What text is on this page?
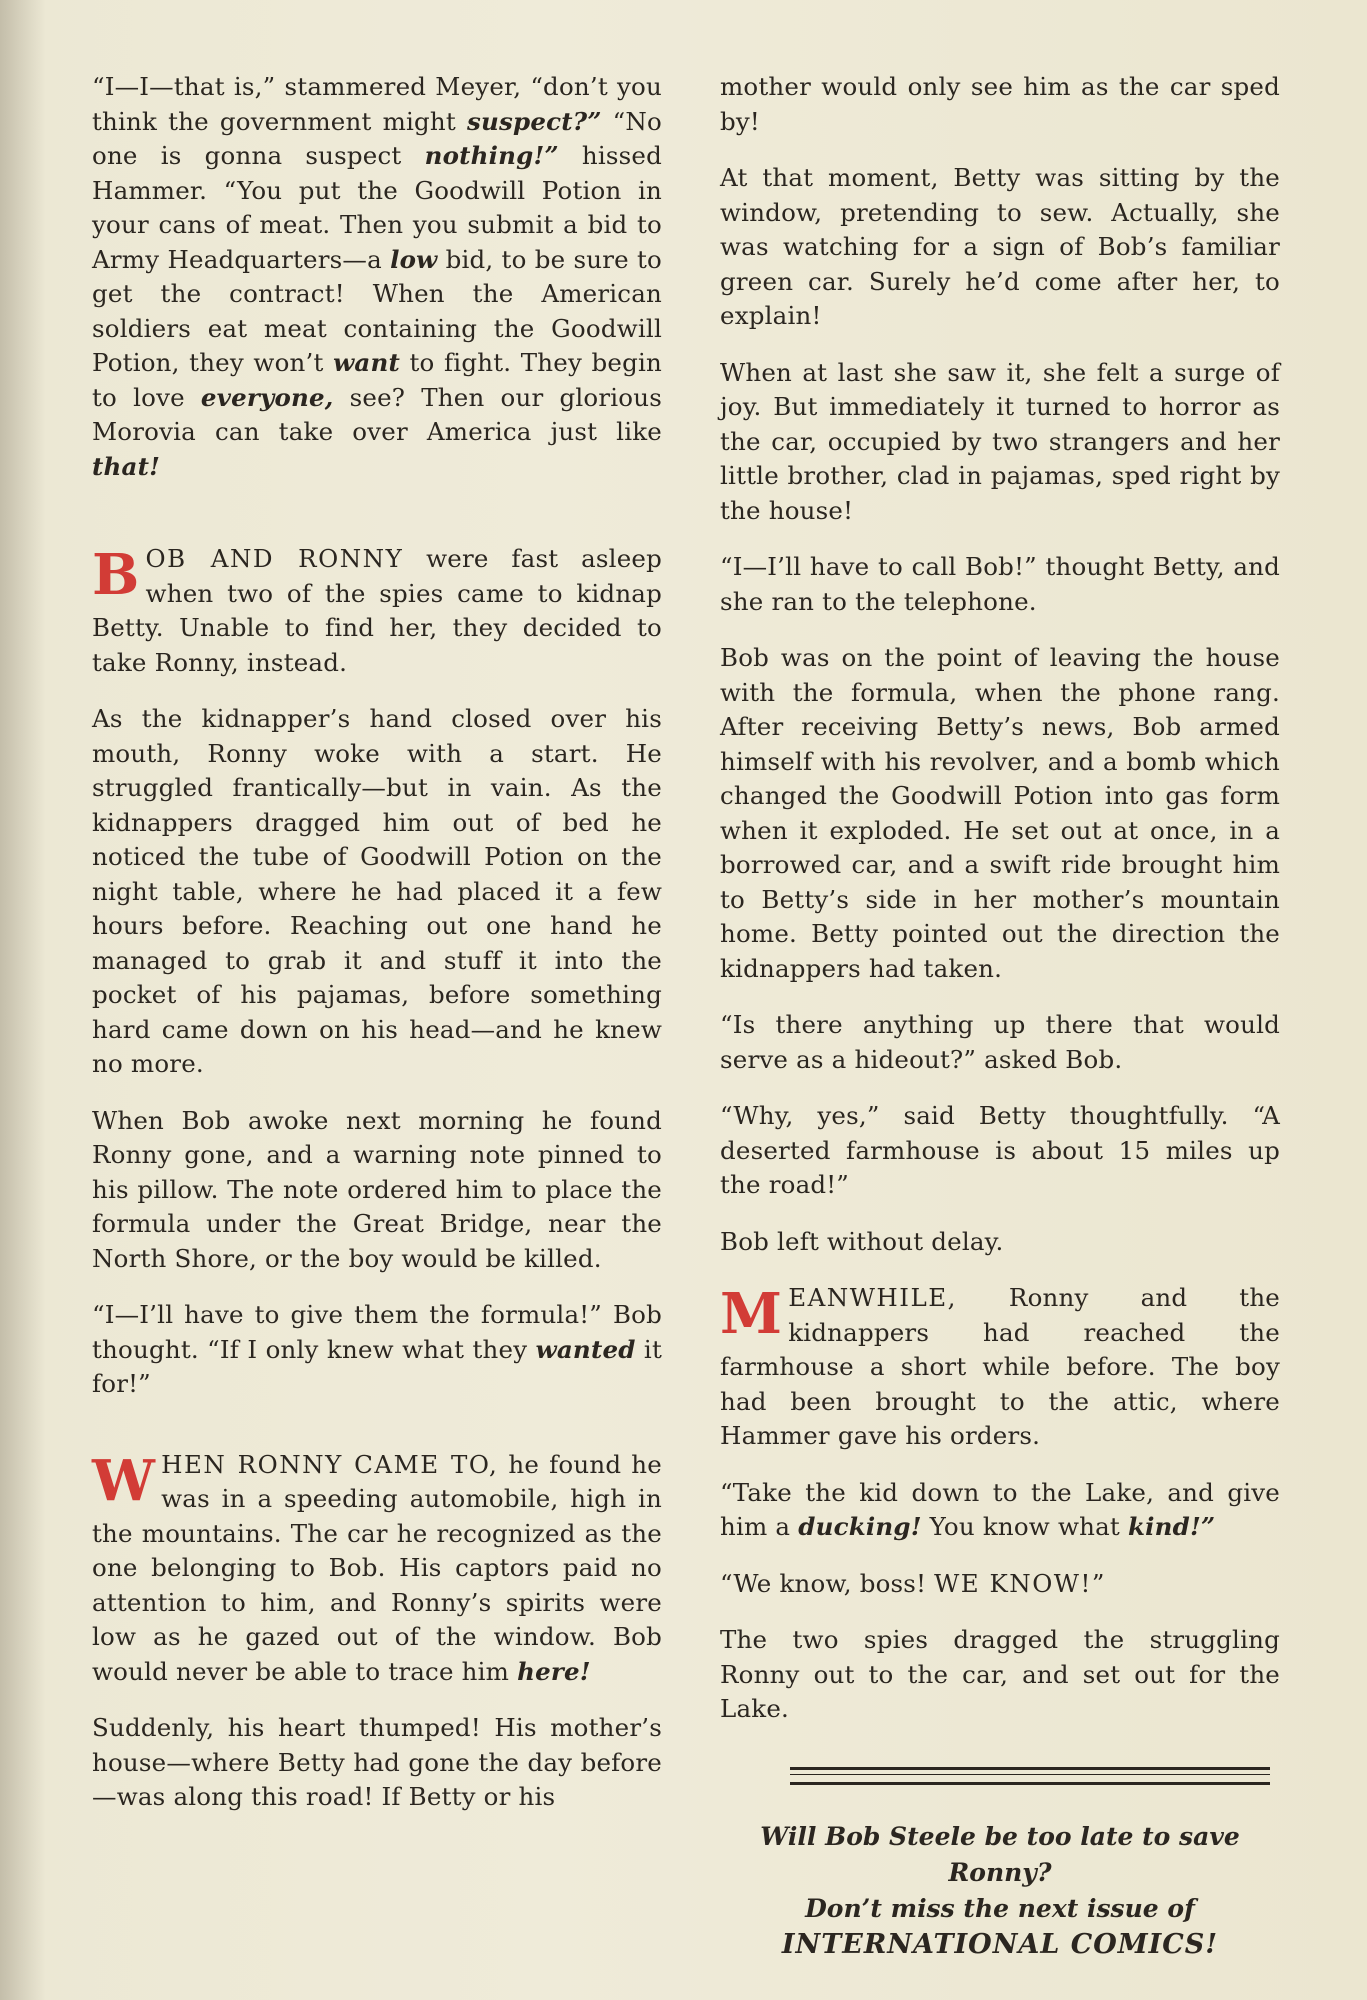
“I—I—that is,” stammered Meyer, “don’t you think the government might suspect?” “No one is gonna suspect nothing!” hissed Hammer. “You put the Goodwill Potion in your cans of meat. Then you submit a bid to Army Headquarters—a low bid, to be sure to get the contract! When the American soldiers eat meat containing the Goodwill Potion, they won’t want to fight. They begin to love everyone, see? Then our glorious Morovia can take over America just like that!

BOB AND RONNY were fast asleep when two of the spies came to kidnap Betty. Unable to find her, they decided to take Ronny, instead.

As the kidnapper’s hand closed over his mouth, Ronny woke with a start. He struggled frantically—but in vain. As the kidnappers dragged him out of bed he noticed the tube of Goodwill Potion on the night table, where he had placed it a few hours before. Reaching out one hand he managed to grab it and stuff it into the pocket of his pajamas, before something hard came down on his head—and he knew no more.

When Bob awoke next morning he found Ronny gone, and a warning note pinned to his pillow. The note ordered him to place the formula under the Great Bridge, near the North Shore, or the boy would be killed.

“I—I’ll have to give them the formula!” Bob thought. “If I only knew what they wanted it for!”

WHEN RONNY CAME TO, he found he was in a speeding automobile, high in the mountains. The car he recognized as the one belonging to Bob. His captors paid no attention to him, and Ronny’s spirits were low as he gazed out of the window. Bob would never be able to trace him here!

Suddenly, his heart thumped! His mother’s house—where Betty had gone the day before—was along this road! If Betty or his

mother would only see him as the car sped by!

At that moment, Betty was sitting by the window, pretending to sew. Actually, she was watching for a sign of Bob’s familiar green car. Surely he’d come after her, to explain!

When at last she saw it, she felt a surge of joy. But immediately it turned to horror as the car, occupied by two strangers and her little brother, clad in pajamas, sped right by the house!

“I—I’ll have to call Bob!” thought Betty, and she ran to the telephone.

Bob was on the point of leaving the house with the formula, when the phone rang. After receiving Betty’s news, Bob armed himself with his revolver, and a bomb which changed the Goodwill Potion into gas form when it exploded. He set out at once, in a borrowed car, and a swift ride brought him to Betty’s side in her mother’s mountain home. Betty pointed out the direction the kidnappers had taken.

“Is there anything up there that would serve as a hideout?” asked Bob.

“Why, yes,” said Betty thoughtfully. “A deserted farmhouse is about 15 miles up the road!”

Bob left without delay.

MEANWHILE, Ronny and the kidnappers had reached the farmhouse a short while before. The boy had been brought to the attic, where Hammer gave his orders.

“Take the kid down to the Lake, and give him a ducking! You know what kind!”

“We know, boss! WE KNOW!”

The two spies dragged the struggling Ronny out to the car, and set out for the Lake.

Will Bob Steele be too late to save Ronny?
Don’t miss the next issue of
INTERNATIONAL COMICS!
